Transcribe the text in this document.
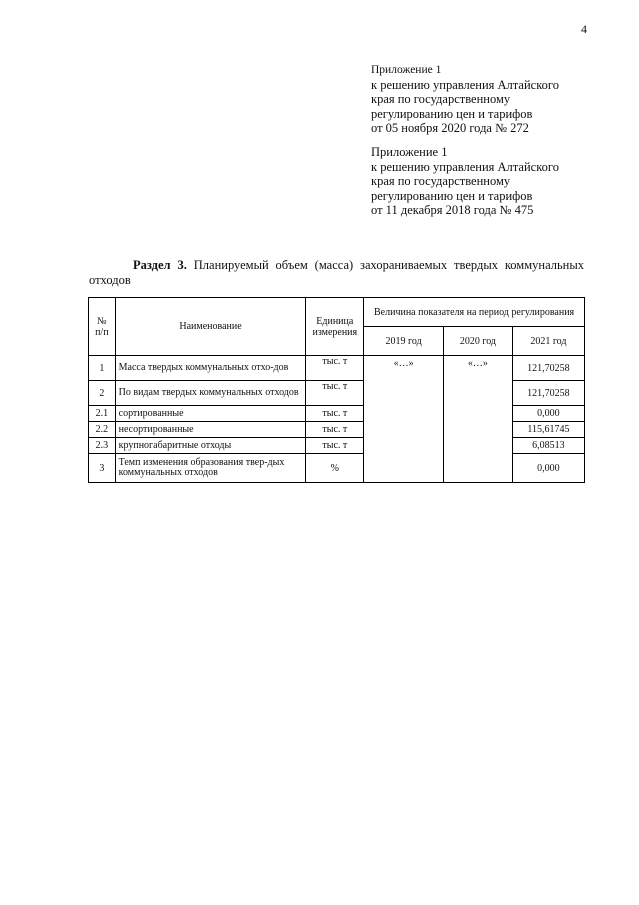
4
Приложение 1
к решению управления Алтайского
края по государственному
регулированию цен и тарифов
от 05 ноября 2020 года № 272
Приложение 1
к решению управления Алтайского
края по государственному
регулированию цен и тарифов
от 11 декабря 2018 года № 475
Раздел 3. Планируемый объем (масса) захораниваемых твердых коммунальных отходов
№ п/п	Наименование	Единица измерения	Величина показателя на период регулирования		
			2019 год	2020 год	2021 год
1	Масса твердых коммунальных отхо-дов	тыс. т	«…»	«…»	121,70258
2	По видам твердых коммунальных отходов	тыс. т			121,70258
2.1	сортированные	тыс. т			0,000
2.2	несортированные	тыс. т			115,61745
2.3	крупногабаритные отходы	тыс. т			6,08513
3	Темп изменения образования твер-дых коммунальных отходов	%			0,000
